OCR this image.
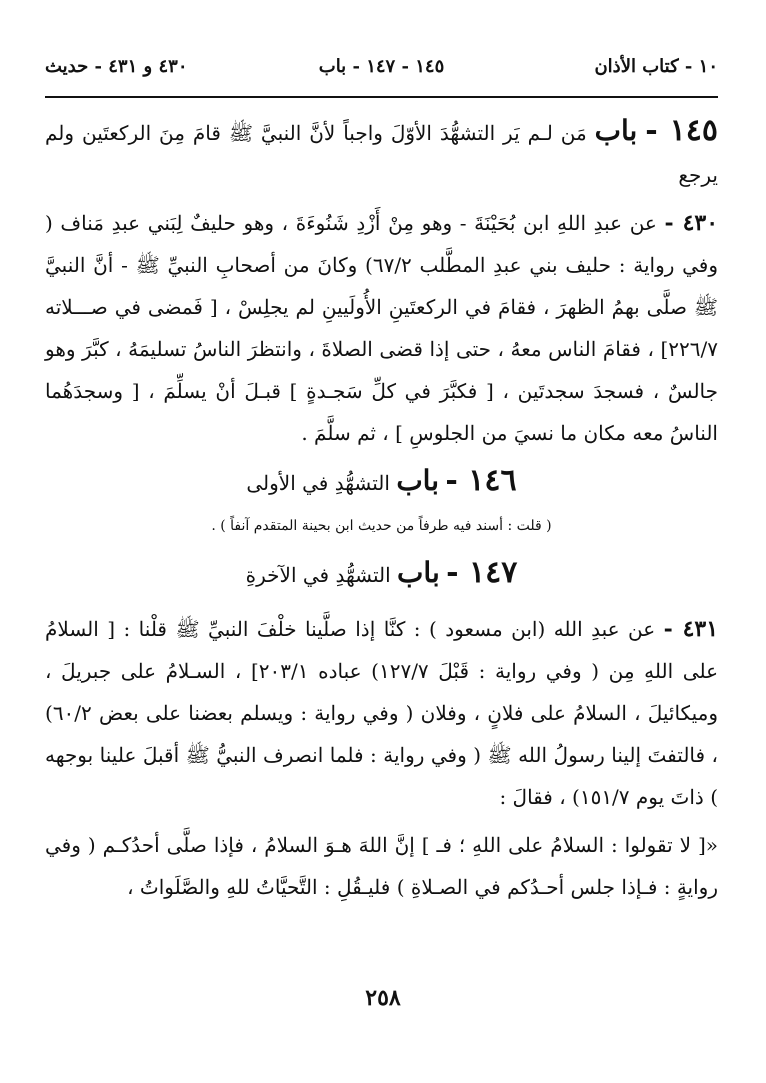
١٠ - كتاب الأذان
١٤٥ - ١٤٧ - باب
٤٣٠ و ٤٣١ - حديث

١٤٥ - باب مَن لـم يَر التشهُّدَ الأوّلَ واجباً لأنَّ النبيَّ ﷺ قامَ مِنَ الركعتَين ولم يرجع

٤٣٠ - عن عبدِ اللهِ ابن بُحَيْنَةَ - وهو مِنْ أَزْدِ شَنُوءَةَ ، وهو حليفٌ لِبَني عبدِ مَناف ( وفي رواية : حليف بني عبدِ المطَّلب ٦٧/٢) وكانَ من أصحابِ النبيِّ ﷺ - أنَّ النبيَّ ﷺ صلَّى بهمُ الظهرَ ، فقامَ في الركعتَينِ الأُولَيينِ لم يجلِسْ ، [ فَمضى في صـــلاته ٢٢٦/٧] ، فقامَ الناس معهُ ، حتى إذا قضى الصلاةَ ، وانتظرَ الناسُ تسليمَهُ ، كبَّرَ وهو جالسٌ ، فسجدَ سجدتَين ، [ فكبَّرَ في كلِّ سَجـدةٍ ] قبـلَ أنْ يسلِّمَ ، [ وسجدَهُما الناسُ معه مكان ما نسيَ من الجلوسِ ] ، ثم سلَّمَ .

١٤٦ - باب التشهُّدِ في الأولى

( قلت : أسند فيه طرفاً من حديث ابن بحينة المتقدم آنفاً ) .

١٤٧ - باب التشهُّدِ في الآخرةِ

٤٣١ - عن عبدِ الله (ابن مسعود ) : كنَّا إذا صلَّينا خلْفَ النبيِّ ﷺ قلْنا : [ السلامُ على اللهِ مِن ( وفي رواية : قَبْلَ ١٢٧/٧) عباده ٢٠٣/١] ، السـلامُ على جبريلَ ، وميكائيلَ ، السلامُ على فلانٍ ، وفلان ( وفي رواية : ويسلم بعضنا على بعض ٦٠/٢) ، فالتفتَ إلينا رسولُ الله ﷺ ( وفي رواية : فلما انصرف النبيُّ ﷺ أقبلَ علينا بوجهه ) ذاتَ يوم ١٥١/٧) ، فقالَ :

«[ لا تقولوا : السلامُ على اللهِ ؛ فـ ] إنَّ اللهَ هـوَ السلامُ ، فإذا صلَّى أحدُكـم ( وفي روايةٍ : فـإذا جلس أحـدُكم في الصـلاةِ ) فليـقُلِ : التَّحيَّاتُ للهِ والصَّلَواتُ ،

٢٥٨
